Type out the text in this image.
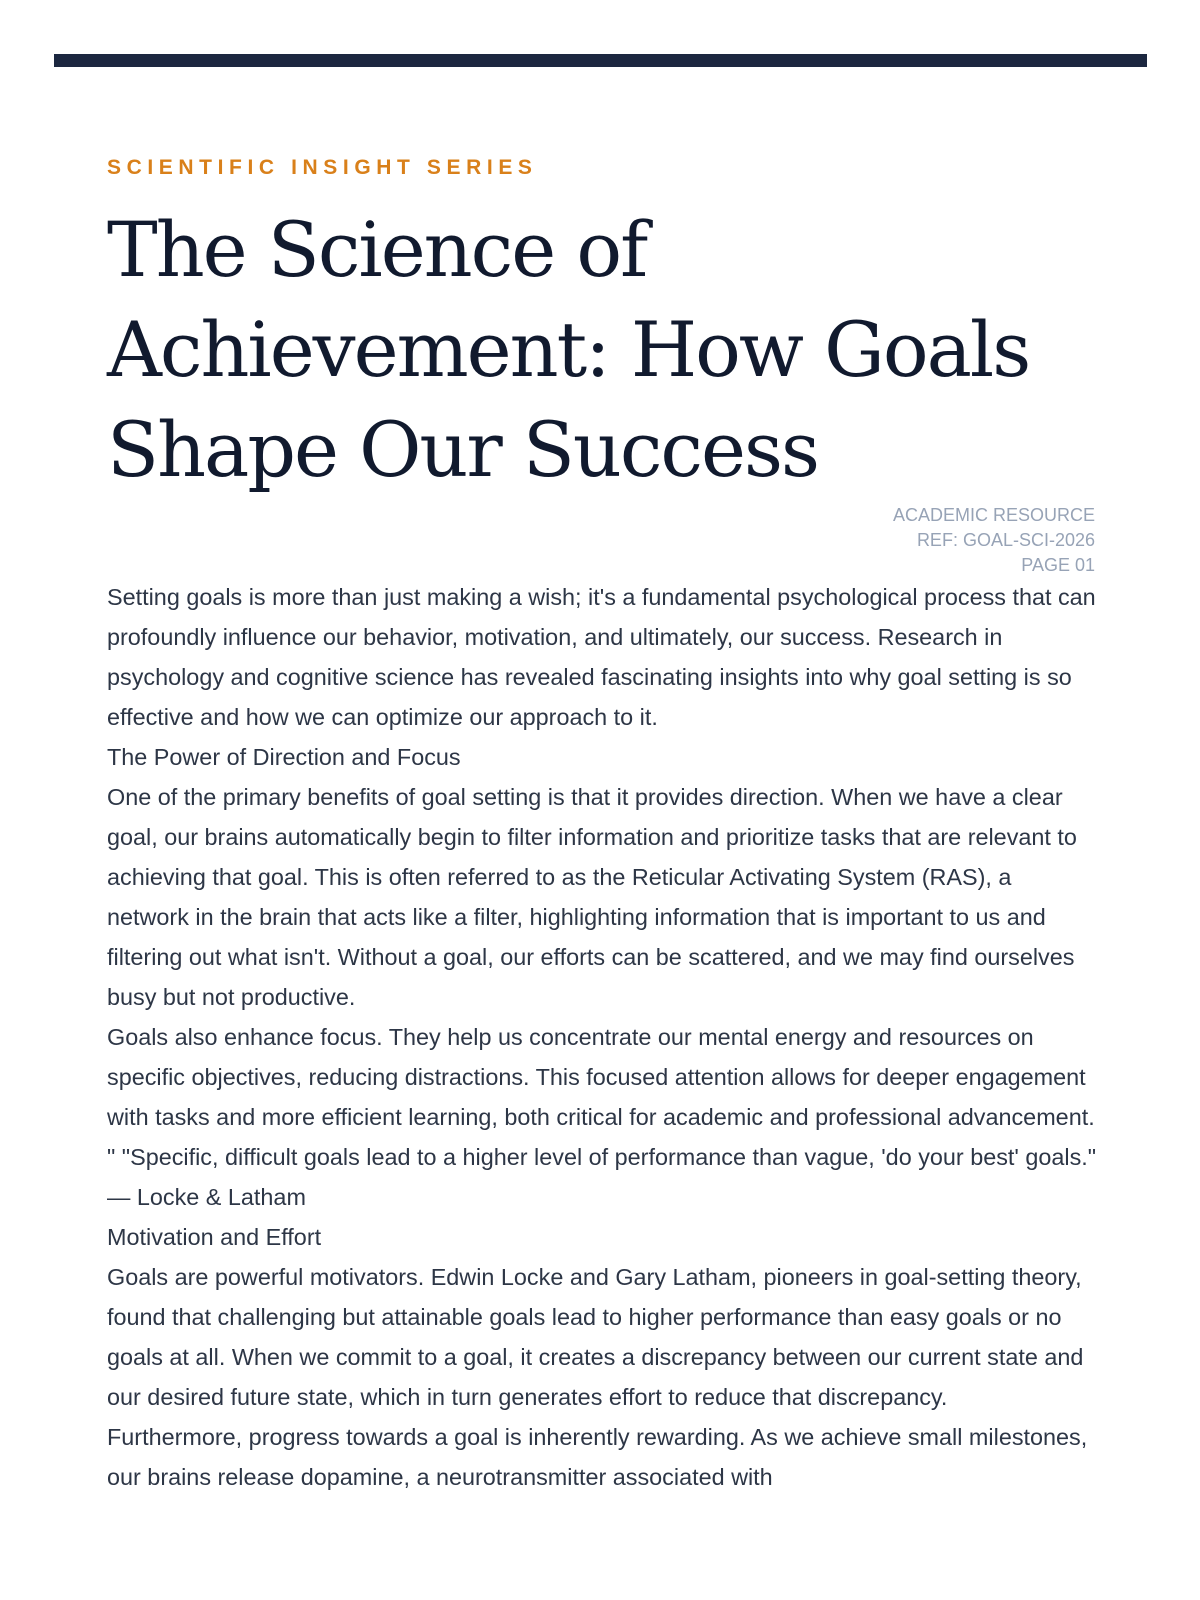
SCIENTIFIC INSIGHT SERIES
The Science of Achievement: How Goals Shape Our Success
ACADEMIC RESOURCE
REF: GOAL-SCI-2026
PAGE 01

Setting goals is more than just making a wish; it's a fundamental psychological process that can profoundly influence our behavior, motivation, and ultimately, our success. Research in psychology and cognitive science has revealed fascinating insights into why goal setting is so effective and how we can optimize our approach to it.

The Power of Direction and Focus

One of the primary benefits of goal setting is that it provides direction. When we have a clear goal, our brains automatically begin to filter information and prioritize tasks that are relevant to achieving that goal. This is often referred to as the Reticular Activating System (RAS), a network in the brain that acts like a filter, highlighting information that is important to us and filtering out what isn't. Without a goal, our efforts can be scattered, and we may find ourselves busy but not productive.

Goals also enhance focus. They help us concentrate our mental energy and resources on specific objectives, reducing distractions. This focused attention allows for deeper engagement with tasks and more efficient learning, both critical for academic and professional advancement.

" "Specific, difficult goals lead to a higher level of performance than vague, 'do your best' goals." — Locke & Latham

Motivation and Effort

Goals are powerful motivators. Edwin Locke and Gary Latham, pioneers in goal-setting theory, found that challenging but attainable goals lead to higher performance than easy goals or no goals at all. When we commit to a goal, it creates a discrepancy between our current state and our desired future state, which in turn generates effort to reduce that discrepancy.

Furthermore, progress towards a goal is inherently rewarding. As we achieve small milestones, our brains release dopamine, a neurotransmitter associated with
